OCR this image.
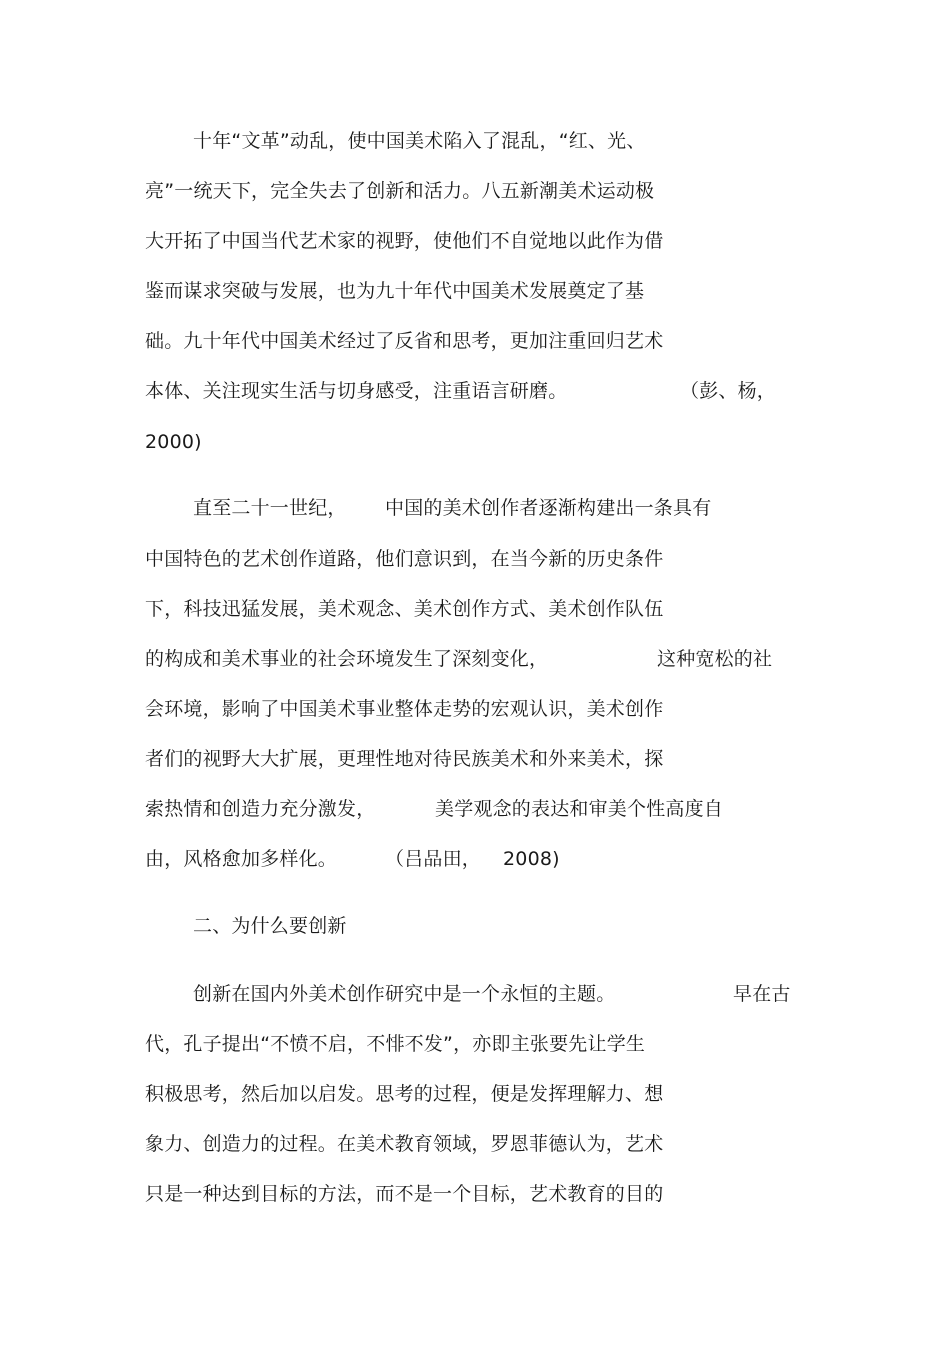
十年“文革”动乱，使中国美术陷入了混乱，“红、光、
亮”一统天下，完全失去了创新和活力。八五新潮美术运动极
大开拓了中国当代艺术家的视野，使他们不自觉地以此作为借
鉴而谋求突破与发展，也为九十年代中国美术发展奠定了基
础。九十年代中国美术经过了反省和思考，更加注重回归艺术
本体、关注现实生活与切身感受，注重语言研磨。	（彭、杨，
2000)
直至二十一世纪， 中国的美术创作者逐渐构建出一条具有
中国特色的艺术创作道路，他们意识到，在当今新的历史条件
下，科技迅猛发展，美术观念、美术创作方式、美术创作队伍
的构成和美术事业的社会环境发生了深刻变化，	这种宽松的社
会环境，影响了中国美术事业整体走势的宏观认识，美术创作
者们的视野大大扩展，更理性地对待民族美术和外来美术，探
索热情和创造力充分激发，	美学观念的表达和审美个性高度自
由，风格愈加多样化。	（吕品田， 2008)
二、为什么要创新
创新在国内外美术创作研究中是一个永恒的主题。	早在古
代，孔子提出“不愤不启，不悱不发”，亦即主张要先让学生
积极思考，然后加以启发。思考的过程，便是发挥理解力、想
象力、创造力的过程。在美术教育领域，罗恩菲德认为，艺术
只是一种达到目标的方法，而不是一个目标，艺术教育的目的
